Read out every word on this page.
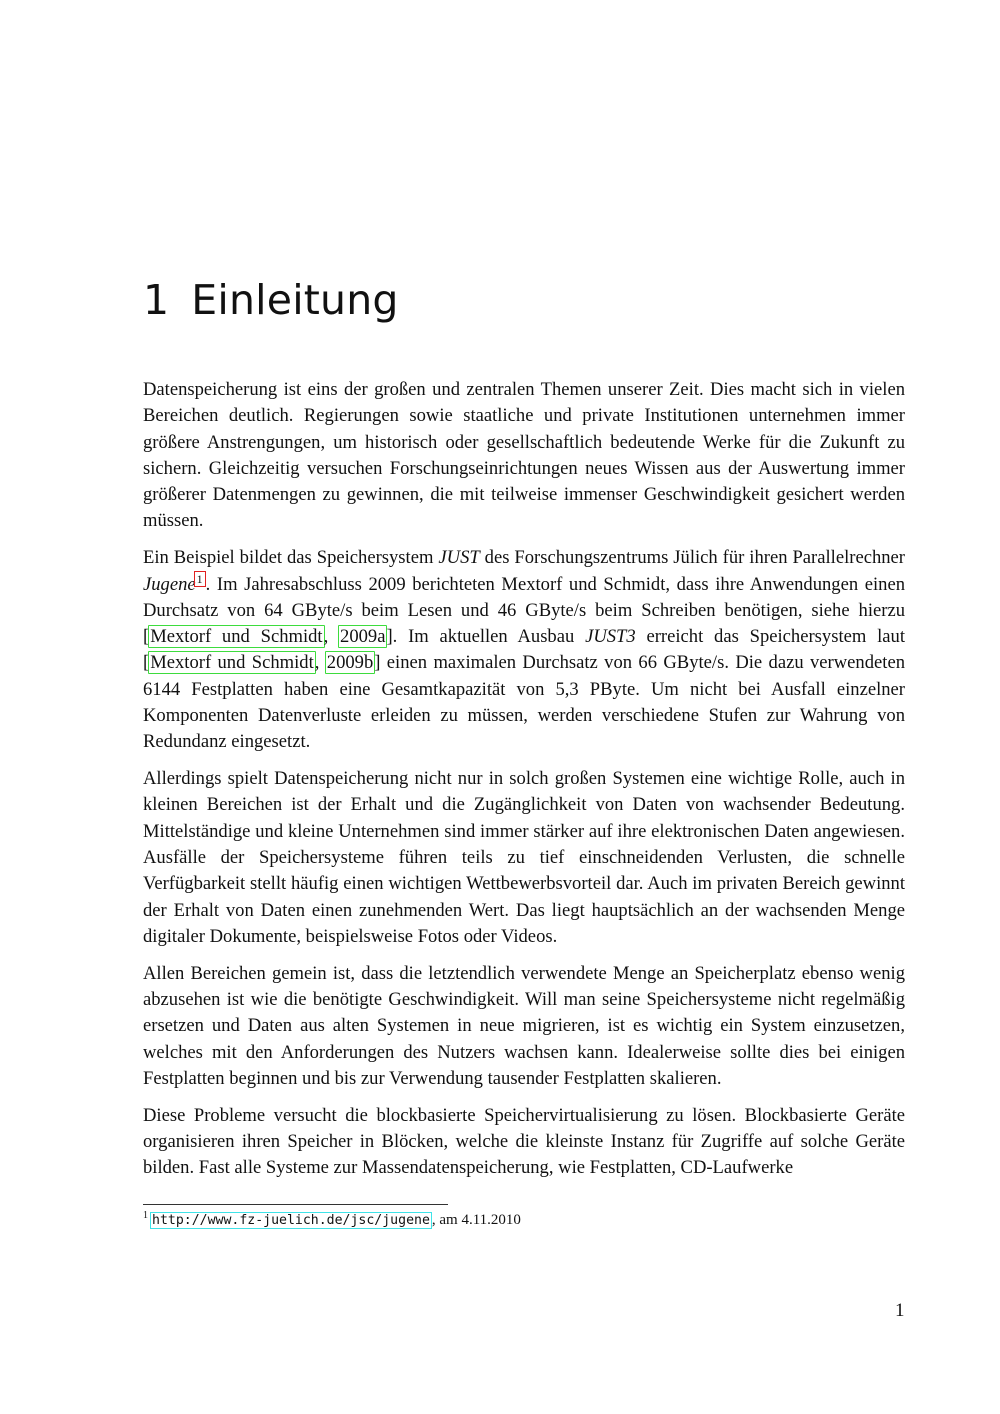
1 Einleitung

Datenspeicherung ist eins der großen und zentralen Themen unserer Zeit. Dies macht sich in vielen Bereichen deutlich. Regierungen sowie staatliche und private Institutionen unternehmen immer größere Anstrengungen, um historisch oder gesellschaftlich bedeutende Werke für die Zukunft zu sichern. Gleichzeitig versuchen Forschungseinrichtungen neues Wissen aus der Auswertung immer größerer Datenmengen zu gewinnen, die mit teilweise immenser Geschwindigkeit gesichert werden müssen.

Ein Beispiel bildet das Speichersystem JUST des Forschungszentrums Jülich für ihren Parallelrechner Jugene$^1$ . Im Jahresabschluss 2009 berichteten Mextorf und Schmidt, dass ihre Anwendungen einen Durchsatz von 64 GByte/s beim Lesen und 46 GByte/s beim Schreiben benötigen, siehe hierzu [Mextorf und Schmidt, 2009a]. Im aktuellen Ausbau JUST3 erreicht das Speichersystem laut [Mextorf und Schmidt, 2009b] einen maximalen Durchsatz von 66 GByte/s. Die dazu verwendeten 6144 Festplatten haben eine Gesamtkapazität von 5,3 PByte. Um nicht bei Ausfall einzelner Komponenten Datenverluste erleiden zu müssen, werden verschiedene Stufen zur Wahrung von Redundanz eingesetzt.

Allerdings spielt Datenspeicherung nicht nur in solch großen Systemen eine wichtige Rolle, auch in kleinen Bereichen ist der Erhalt und die Zugänglichkeit von Daten von wachsender Bedeutung. Mittelständige und kleine Unternehmen sind immer stärker auf ihre elektronischen Daten angewiesen. Ausfälle der Speichersysteme führen teils zu tief einschneidenden Verlusten, die schnelle Verfügbarkeit stellt häufig einen wichtigen Wettbewerbsvorteil dar. Auch im privaten Bereich gewinnt der Erhalt von Daten einen zunehmenden Wert. Das liegt hauptsächlich an der wachsenden Menge digitaler Dokumente, beispielsweise Fotos oder Videos.

Allen Bereichen gemein ist, dass die letztendlich verwendete Menge an Speicherplatz ebenso wenig abzusehen ist wie die benötigte Geschwindigkeit. Will man seine Speichersysteme nicht regelmäßig ersetzen und Daten aus alten Systemen in neue migrieren, ist es wichtig ein System einzusetzen, welches mit den Anforderungen des Nutzers wachsen kann. Idealerweise sollte dies bei einigen Festplatten beginnen und bis zur Verwendung tausender Festplatten skalieren.

Diese Probleme versucht die blockbasierte Speichervirtualisierung zu lösen. Blockbasierte Geräte organisieren ihren Speicher in Blöcken, welche die kleinste Instanz für Zugriffe auf solche Geräte bilden. Fast alle Systeme zur Massendatenspeicherung, wie Festplatten, CD-Laufwerke

$^1$ http://www.fz-juelich.de/jsc/jugene , am 4.11.2010
1
